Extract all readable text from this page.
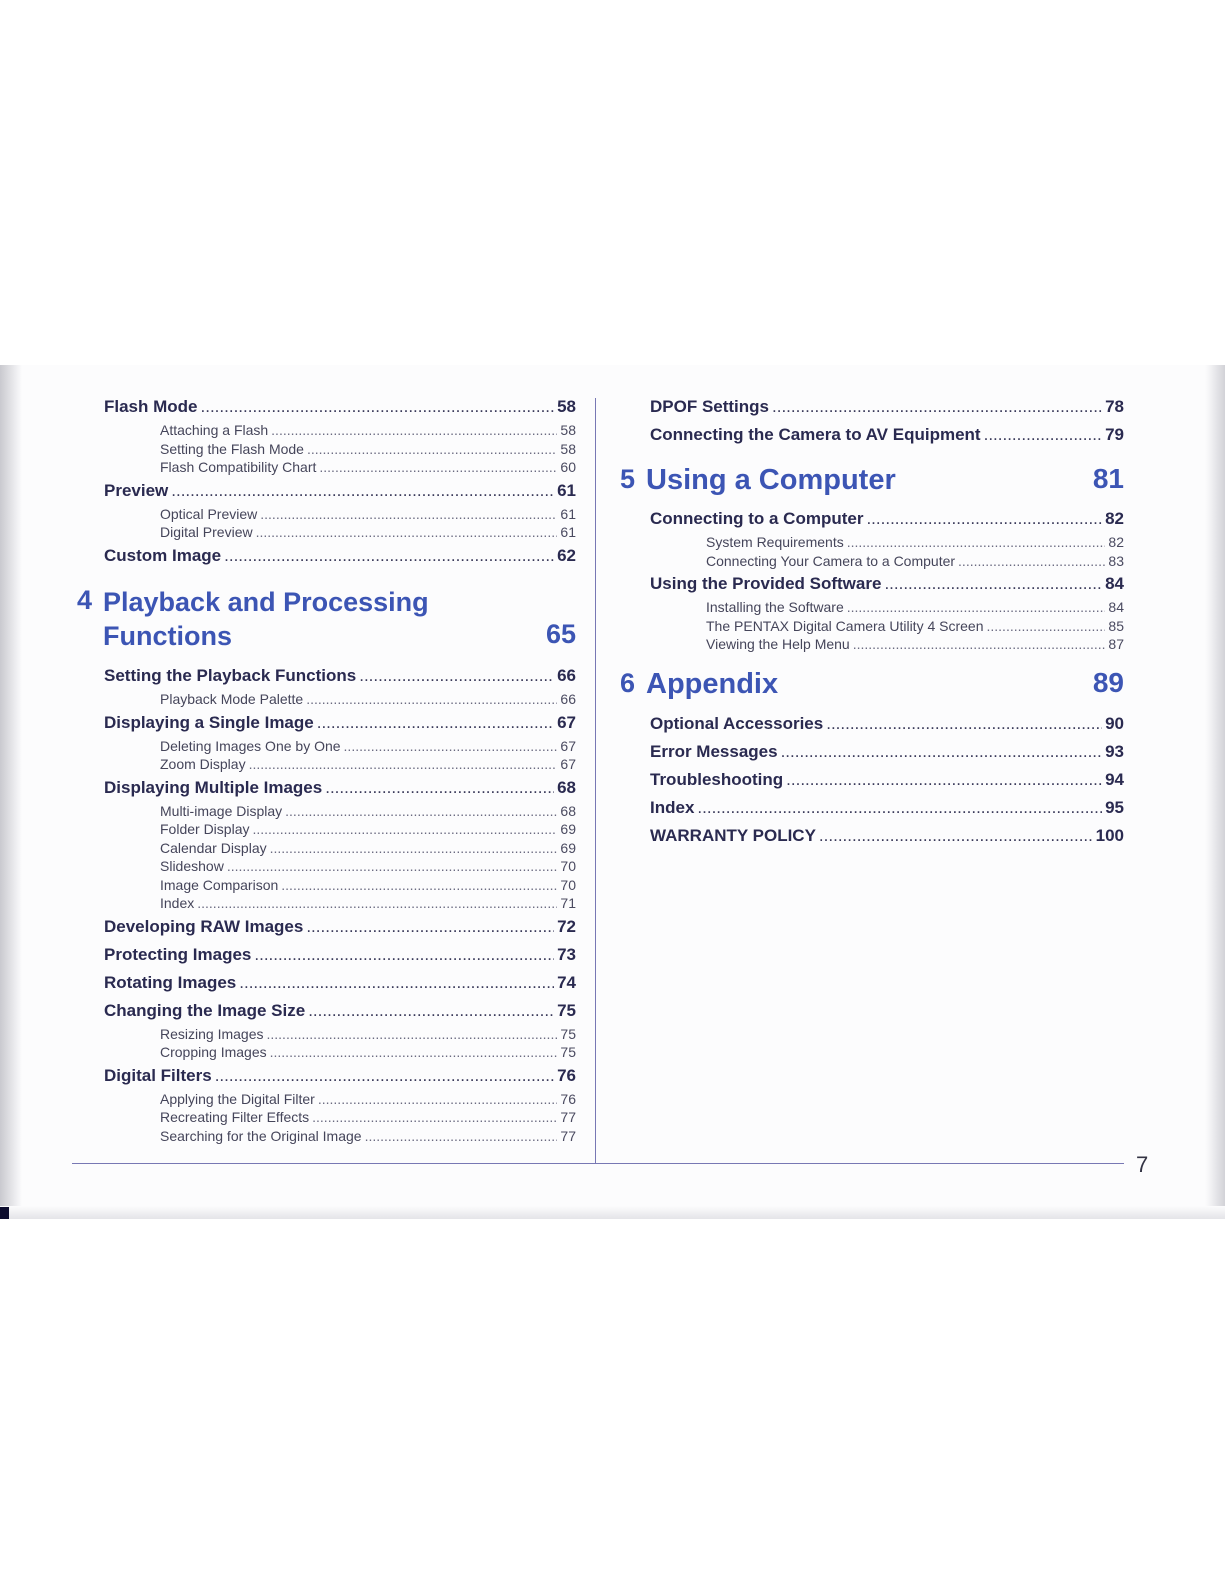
7
Flash Mode .....	58
Attaching a Flash .....	58
Setting the Flash Mode .....	58
Flash Compatibility Chart .....	60
Preview .....	61
Optical Preview .....	61
Digital Preview .....	61
Custom Image .....	62
4 Playback and Processing
Functions	65
Setting the Playback Functions .....	66
Playback Mode Palette .....	66
Displaying a Single Image .....	67
Deleting Images One by One .....	67
Zoom Display .....	67
Displaying Multiple Images .....	68
Multi-image Display .....	68
Folder Display .....	69
Calendar Display .....	69
Slideshow .....	70
Image Comparison .....	70
Index .....	71
Developing RAW Images .....	72
Protecting Images .....	73
Rotating Images .....	74
Changing the Image Size .....	75
Resizing Images .....	75
Cropping Images .....	75
Digital Filters .....	76
Applying the Digital Filter .....	76
Recreating Filter Effects .....	77
Searching for the Original Image .....	77
DPOF Settings .....	78
Connecting the Camera to AV Equipment .....	79
5 Using a Computer	81
Connecting to a Computer .....	82
System Requirements .....	82
Connecting Your Camera to a Computer .....	83
Using the Provided Software .....	84
Installing the Software .....	84
The PENTAX Digital Camera Utility 4 Screen .....	85
Viewing the Help Menu .....	87
6 Appendix	89
Optional Accessories .....	90
Error Messages .....	93
Troubleshooting .....	94
Index .....	95
WARRANTY POLICY .....	100
